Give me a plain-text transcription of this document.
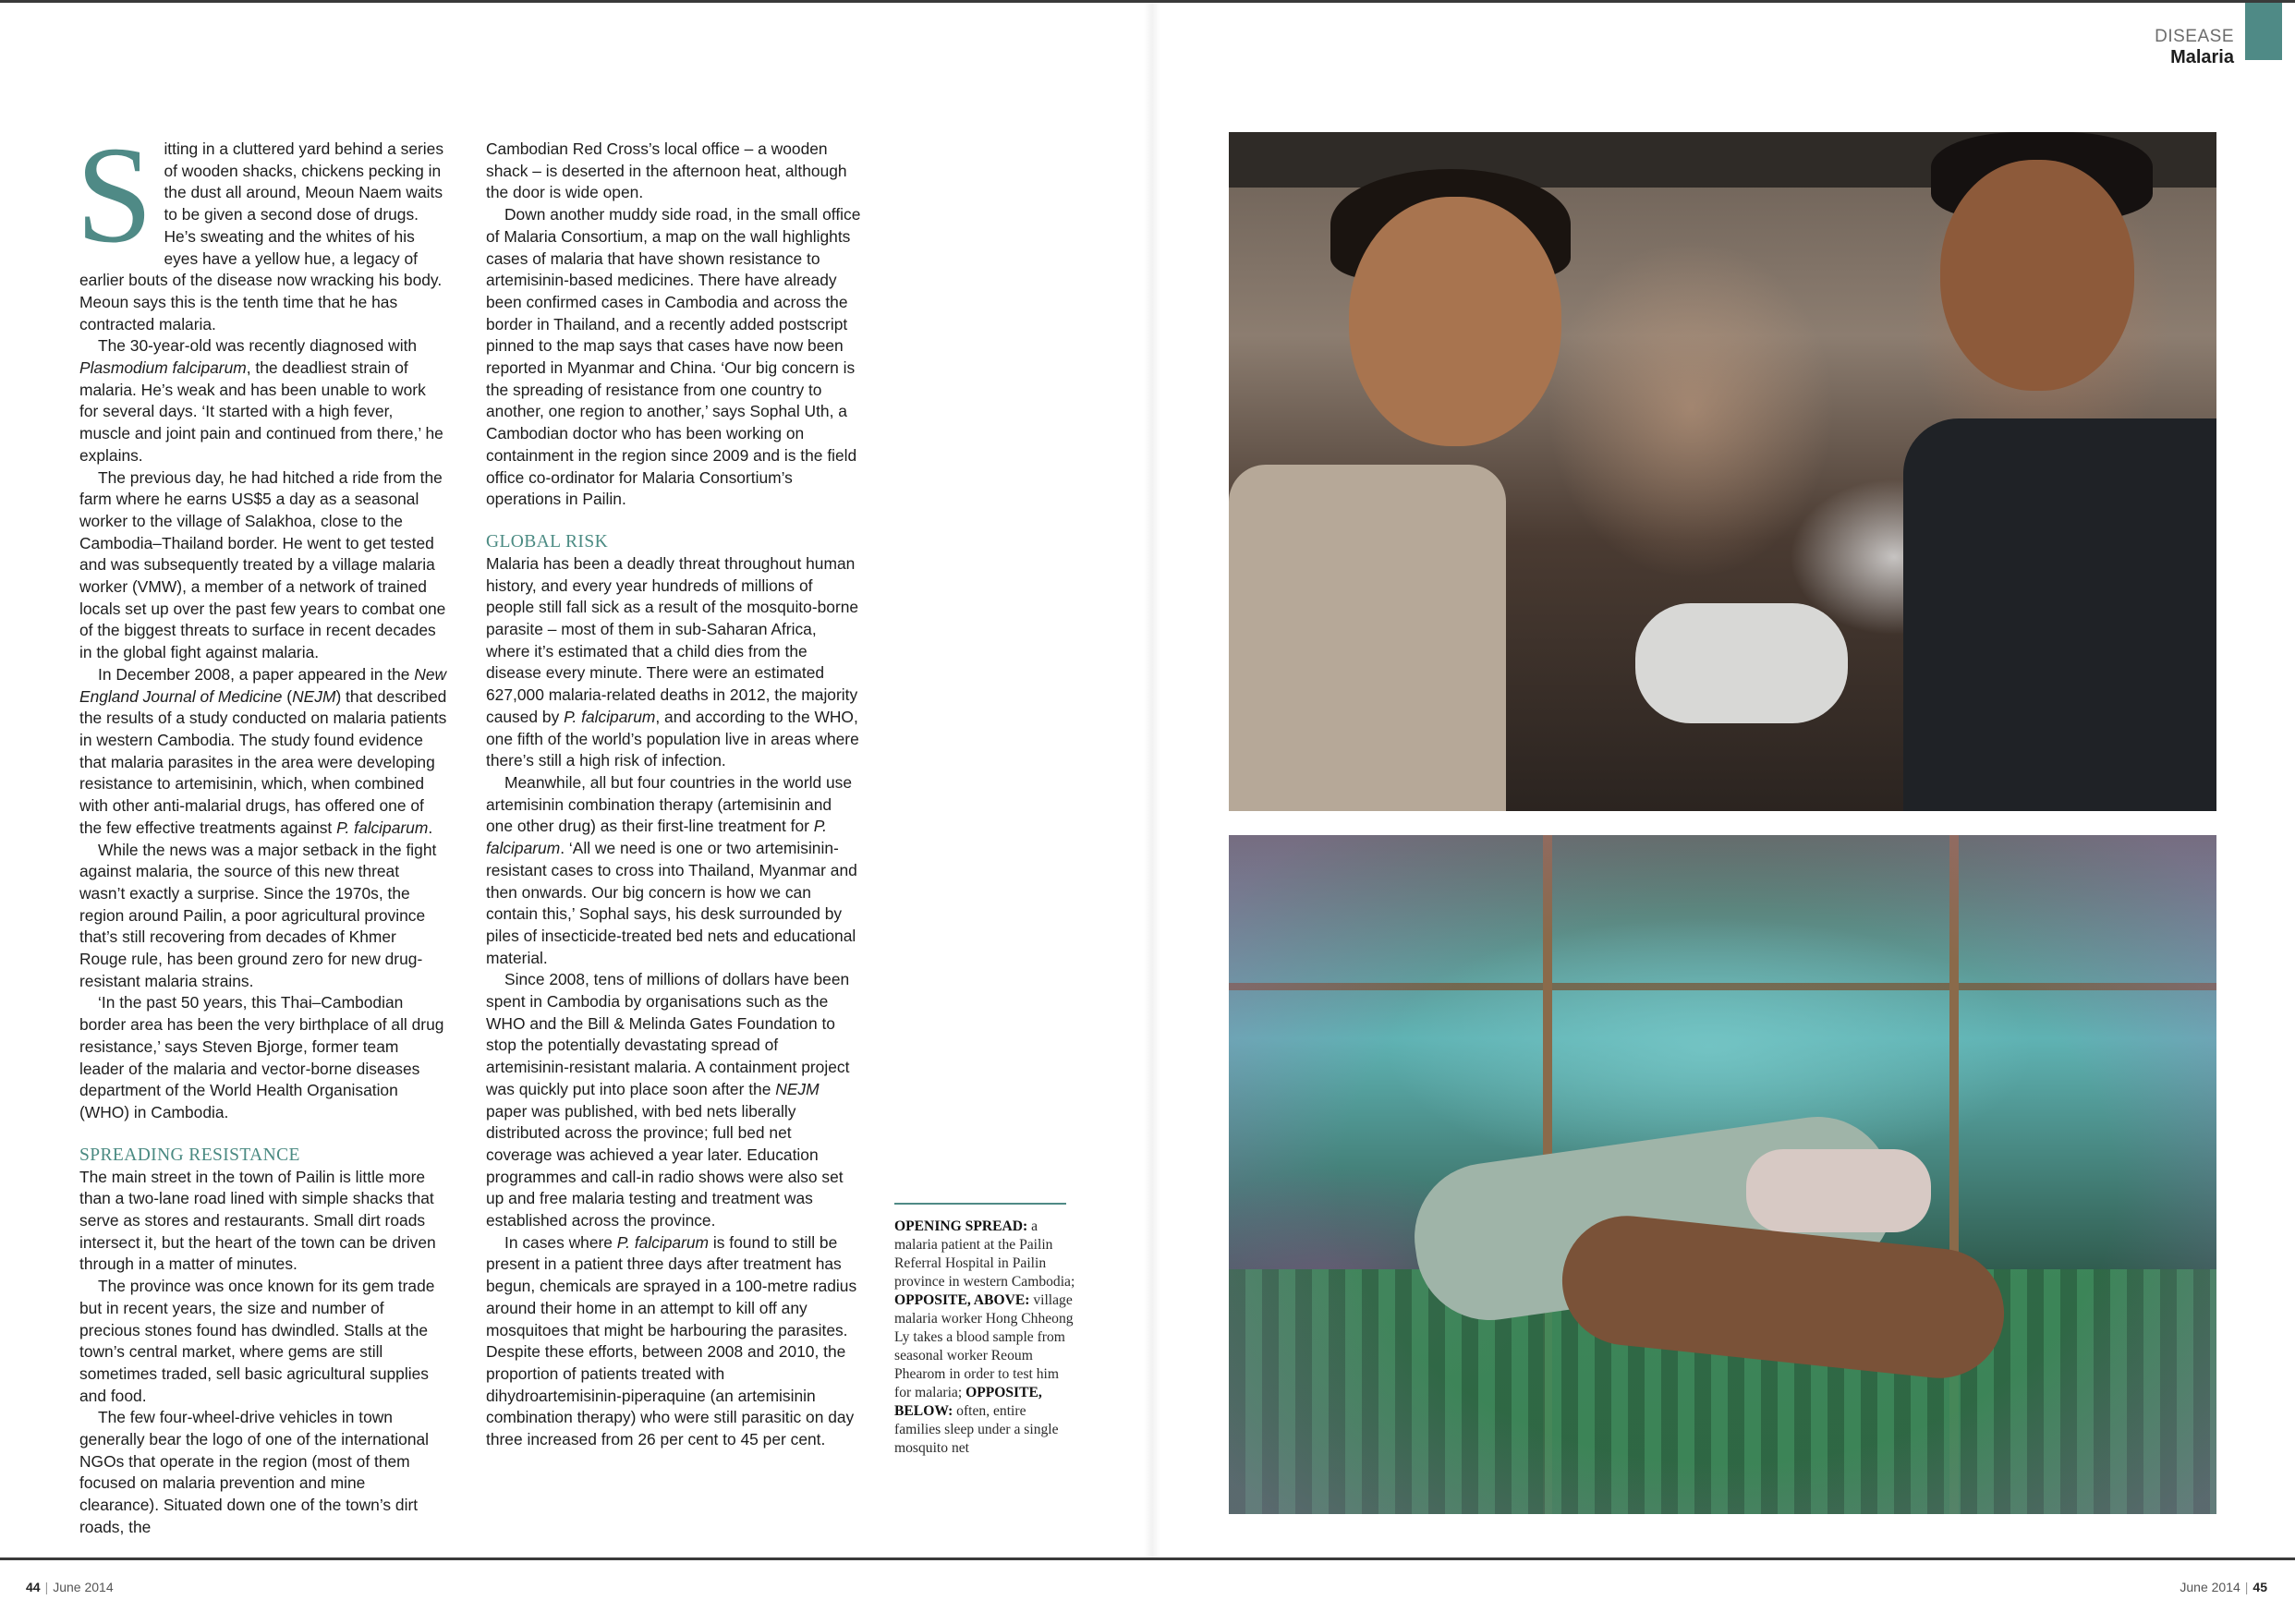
DISEASE
Malaria

Sitting in a cluttered yard behind a series of wooden shacks, chickens pecking in the dust all around, Meoun Naem waits to be given a second dose of drugs. He’s sweating and the whites of his eyes have a yellow hue, a legacy of earlier bouts of the disease now wracking his body. Meoun says this is the tenth time that he has contracted malaria.

The 30-year-old was recently diagnosed with Plasmodium falciparum, the deadliest strain of malaria. He’s weak and has been unable to work for several days. ‘It started with a high fever, muscle and joint pain and continued from there,’ he explains.

The previous day, he had hitched a ride from the farm where he earns US$5 a day as a seasonal worker to the village of Salakhoa, close to the Cambodia–Thailand border. He went to get tested and was subsequently treated by a village malaria worker (VMW), a member of a network of trained locals set up over the past few years to combat one of the biggest threats to surface in recent decades in the global fight against malaria.

In December 2008, a paper appeared in the New England Journal of Medicine (NEJM) that described the results of a study conducted on malaria patients in western Cambodia. The study found evidence that malaria parasites in the area were developing resistance to artemisinin, which, when combined with other anti-malarial drugs, has offered one of the few effective treatments against P. falciparum.

While the news was a major setback in the fight against malaria, the source of this new threat wasn’t exactly a surprise. Since the 1970s, the region around Pailin, a poor agricultural province that’s still recovering from decades of Khmer Rouge rule, has been ground zero for new drug-resistant malaria strains.

‘In the past 50 years, this Thai–Cambodian border area has been the very birthplace of all drug resistance,’ says Steven Bjorge, former team leader of the malaria and vector-borne diseases department of the World Health Organisation (WHO) in Cambodia.

SPREADING RESISTANCE

The main street in the town of Pailin is little more than a two-lane road lined with simple shacks that serve as stores and restaurants. Small dirt roads intersect it, but the heart of the town can be driven through in a matter of minutes.

The province was once known for its gem trade but in recent years, the size and number of precious stones found has dwindled. Stalls at the town’s central market, where gems are still sometimes traded, sell basic agricultural supplies and food.

The few four-wheel-drive vehicles in town generally bear the logo of one of the international NGOs that operate in the region (most of them focused on malaria prevention and mine clearance). Situated down one of the town’s dirt roads, the

Cambodian Red Cross’s local office – a wooden shack – is deserted in the afternoon heat, although the door is wide open.

Down another muddy side road, in the small office of Malaria Consortium, a map on the wall highlights cases of malaria that have shown resistance to artemisinin-based medicines. There have already been confirmed cases in Cambodia and across the border in Thailand, and a recently added postscript pinned to the map says that cases have now been reported in Myanmar and China. ‘Our big concern is the spreading of resistance from one country to another, one region to another,’ says Sophal Uth, a Cambodian doctor who has been working on containment in the region since 2009 and is the field office co-ordinator for Malaria Consortium’s operations in Pailin.

GLOBAL RISK

Malaria has been a deadly threat throughout human history, and every year hundreds of millions of people still fall sick as a result of the mosquito-borne parasite – most of them in sub-Saharan Africa, where it’s estimated that a child dies from the disease every minute. There were an estimated 627,000 malaria-related deaths in 2012, the majority caused by P. falciparum, and according to the WHO, one fifth of the world’s population live in areas where there’s still a high risk of infection.

Meanwhile, all but four countries in the world use artemisinin combination therapy (artemisinin and one other drug) as their first-line treatment for P. falciparum. ‘All we need is one or two artemisinin-resistant cases to cross into Thailand, Myanmar and then onwards. Our big concern is how we can contain this,’ Sophal says, his desk surrounded by piles of insecticide-treated bed nets and educational material.

Since 2008, tens of millions of dollars have been spent in Cambodia by organisations such as the WHO and the Bill & Melinda Gates Foundation to stop the potentially devastating spread of artemisinin-resistant malaria. A containment project was quickly put into place soon after the NEJM paper was published, with bed nets liberally distributed across the province; full bed net coverage was achieved a year later. Education programmes and call-in radio shows were also set up and free malaria testing and treatment was established across the province.

In cases where P. falciparum is found to still be present in a patient three days after treatment has begun, chemicals are sprayed in a 100-metre radius around their home in an attempt to kill off any mosquitoes that might be harbouring the parasites. Despite these efforts, between 2008 and 2010, the proportion of patients treated with dihydroartemisinin-piperaquine (an artemisinin combination therapy) who were still parasitic on day three increased from 26 per cent to 45 per cent.

OPENING SPREAD: a malaria patient at the Pailin Referral Hospital in Pailin province in western Cambodia; OPPOSITE, ABOVE: village malaria worker Hong Chheong Ly takes a blood sample from seasonal worker Reoum Phearom in order to test him for malaria; OPPOSITE, BELOW: often, entire families sleep under a single mosquito net
44 | June 2014	June 2014 | 45
